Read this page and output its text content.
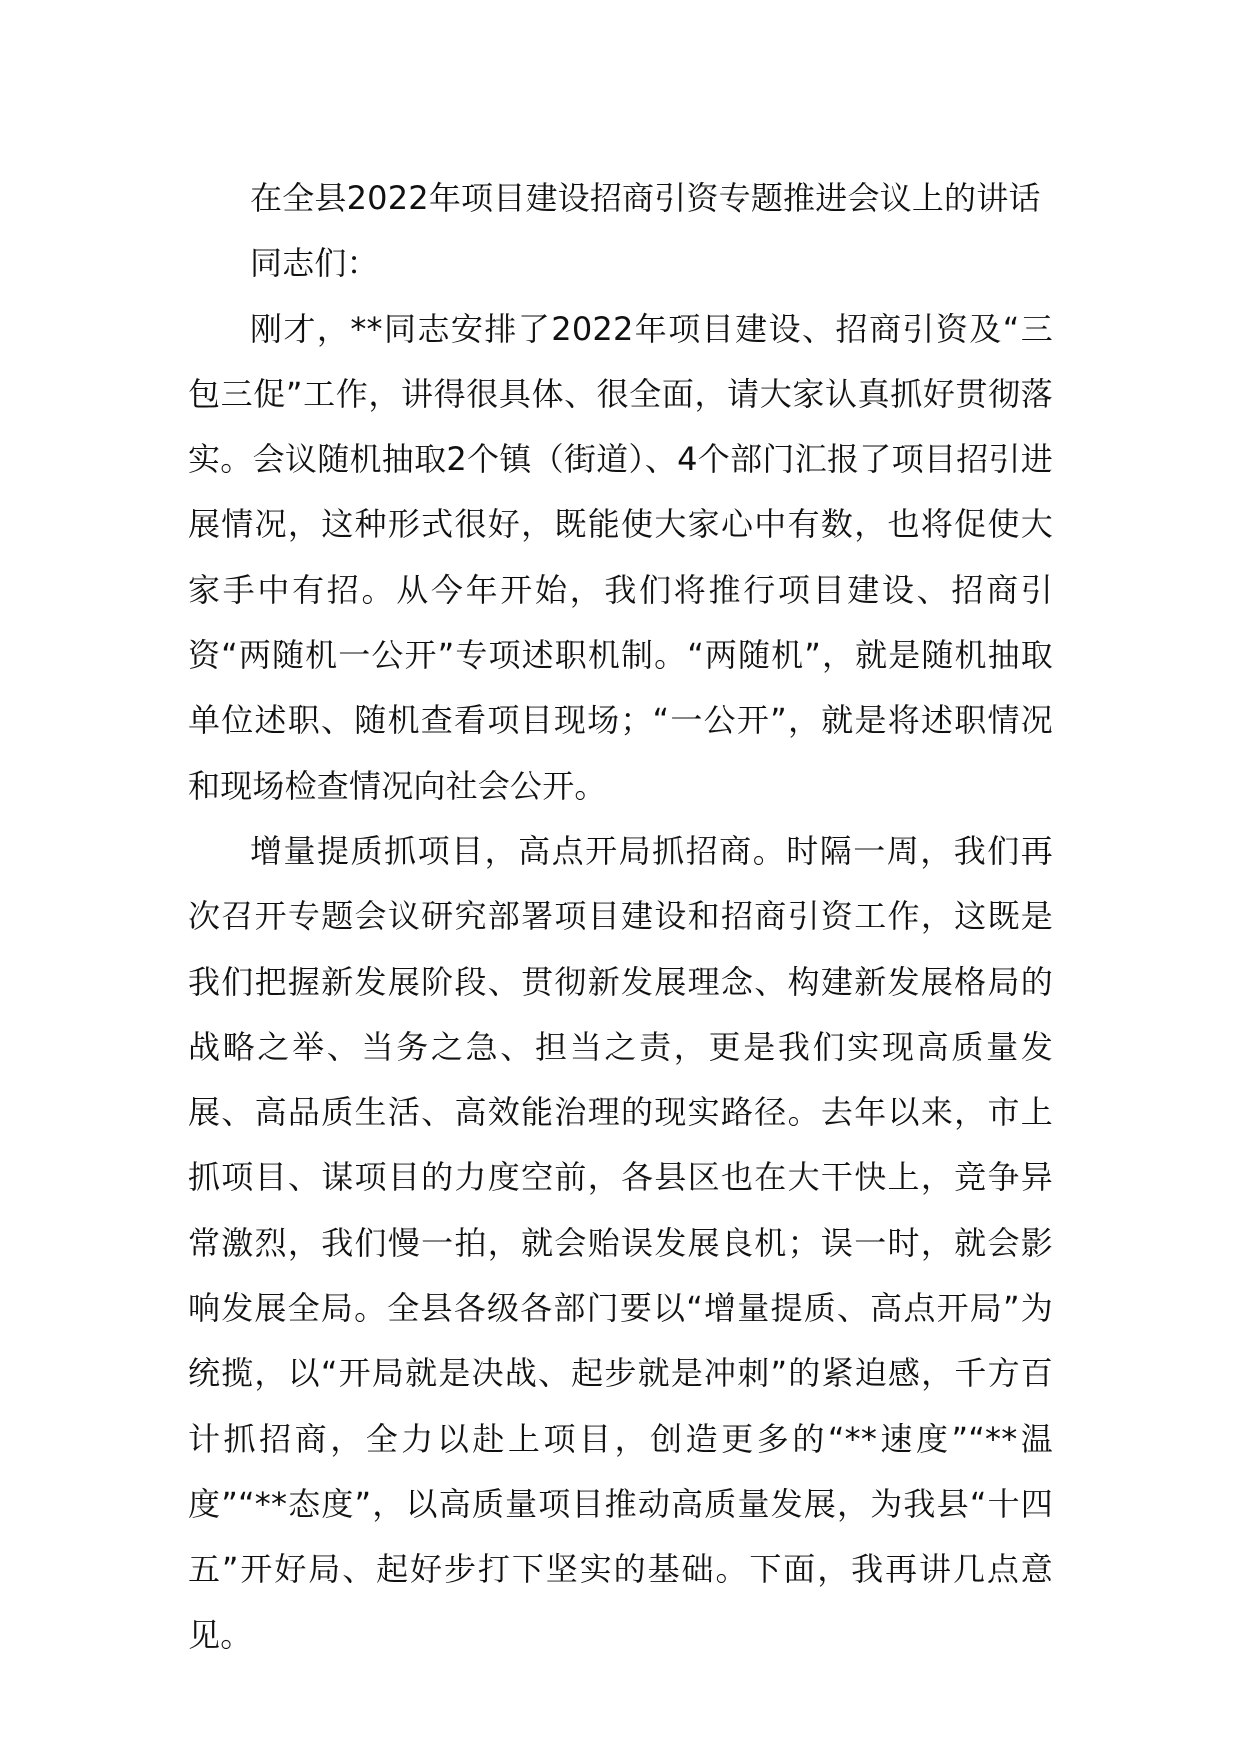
在全县2022年项目建设招商引资专题推进会议上的讲话

同志们：

刚才，**同志安排了2022年项目建设、招商引资及“三包三促”工作，讲得很具体、很全面，请大家认真抓好贯彻落实。会议随机抽取2个镇（街道）、4个部门汇报了项目招引进展情况，这种形式很好，既能使大家心中有数，也将促使大家手中有招。从今年开始，我们将推行项目建设、招商引资“两随机一公开”专项述职机制。“两随机”，就是随机抽取单位述职、随机查看项目现场；“一公开”，就是将述职情况和现场检查情况向社会公开。

增量提质抓项目，高点开局抓招商。时隔一周，我们再次召开专题会议研究部署项目建设和招商引资工作，这既是我们把握新发展阶段、贯彻新发展理念、构建新发展格局的战略之举、当务之急、担当之责，更是我们实现高质量发展、高品质生活、高效能治理的现实路径。去年以来，市上抓项目、谋项目的力度空前，各县区也在大干快上，竞争异常激烈，我们慢一拍，就会贻误发展良机；误一时，就会影响发展全局。全县各级各部门要以“增量提质、高点开局”为统揽，以“开局就是决战、起步就是冲刺”的紧迫感，千方百计抓招商，全力以赴上项目，创造更多的“**速度”“**温度”“**态度”，以高质量项目推动高质量发展，为我县“十四五”开好局、起好步打下坚实的基础。下面，我再讲几点意见。
